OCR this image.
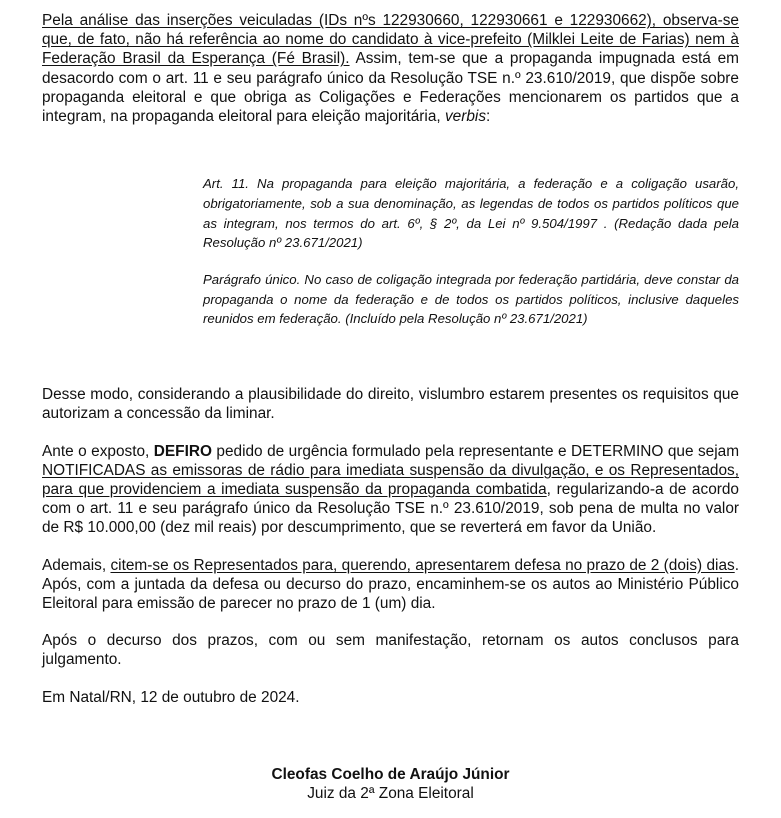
Pela análise das inserções veiculadas (IDs nºs 122930660, 122930661 e 122930662), observa-se que, de fato, não há referência ao nome do candidato à vice-prefeito (Milklei Leite de Farias) nem à Federação Brasil da Esperança (Fé Brasil). Assim, tem-se que a propaganda impugnada está em desacordo com o art. 11 e seu parágrafo único da Resolução TSE n.º 23.610/2019, que dispõe sobre propaganda eleitoral e que obriga as Coligações e Federações mencionarem os partidos que a integram, na propaganda eleitoral para eleição majoritária, verbis:

Art. 11. Na propaganda para eleição majoritária, a federação e a coligação usarão, obrigatoriamente, sob a sua denominação, as legendas de todos os partidos políticos que as integram, nos termos do art. 6º, § 2º, da Lei nº 9.504/1997 . (Redação dada pela Resolução nº 23.671/2021)

Parágrafo único. No caso de coligação integrada por federação partidária, deve constar da propaganda o nome da federação e de todos os partidos políticos, inclusive daqueles reunidos em federação. (Incluído pela Resolução nº 23.671/2021)

Desse modo, considerando a plausibilidade do direito, vislumbro estarem presentes os requisitos que autorizam a concessão da liminar.

Ante o exposto, DEFIRO pedido de urgência formulado pela representante e DETERMINO que sejam NOTIFICADAS as emissoras de rádio para imediata suspensão da divulgação, e os Representados, para que providenciem a imediata suspensão da propaganda combatida, regularizando-a de acordo com o art. 11 e seu parágrafo único da Resolução TSE n.º 23.610/2019, sob pena de multa no valor de R$ 10.000,00 (dez mil reais) por descumprimento, que se reverterá em favor da União.

Ademais, citem-se os Representados para, querendo, apresentarem defesa no prazo de 2 (dois) dias. Após, com a juntada da defesa ou decurso do prazo, encaminhem-se os autos ao Ministério Público Eleitoral para emissão de parecer no prazo de 1 (um) dia.

Após o decurso dos prazos, com ou sem manifestação, retornam os autos conclusos para julgamento.

Em Natal/RN, 12 de outubro de 2024.

Cleofas Coelho de Araújo Júnior
Juiz da 2ª Zona Eleitoral
